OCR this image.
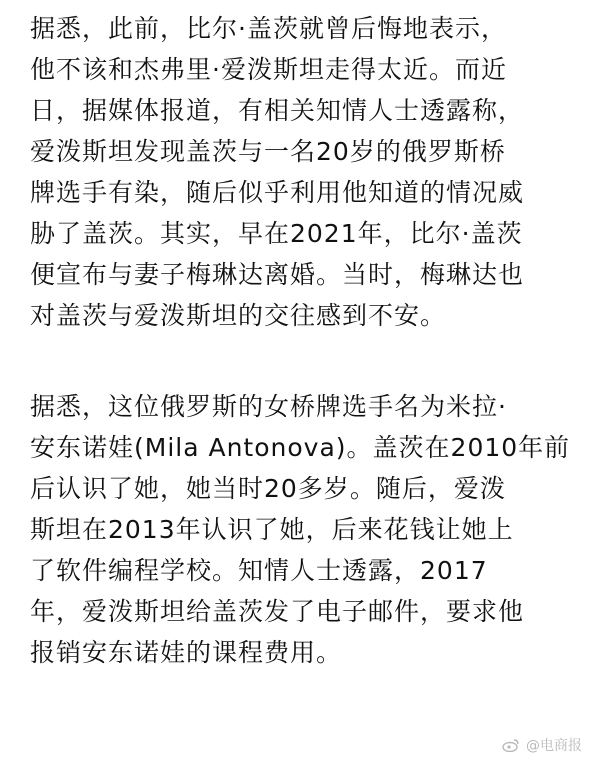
据悉，此前，比尔·盖茨就曾后悔地表示，
他不该和杰弗里·爱泼斯坦走得太近。而近
日，据媒体报道，有相关知情人士透露称，
爱泼斯坦发现盖茨与一名20岁的俄罗斯桥
牌选手有染，随后似乎利用他知道的情况威
胁了盖茨。其实，早在2021年，比尔·盖茨
便宣布与妻子梅琳达离婚。当时，梅琳达也
对盖茨与爱泼斯坦的交往感到不安。
据悉，这位俄罗斯的女桥牌选手名为米拉·
安东诺娃(Mila Antonova)。盖茨在2010年前
后认识了她，她当时20多岁。随后，爱泼
斯坦在2013年认识了她，后来花钱让她上
了软件编程学校。知情人士透露，2017
年，爱泼斯坦给盖茨发了电子邮件，要求他
报销安东诺娃的课程费用。
@电商报
